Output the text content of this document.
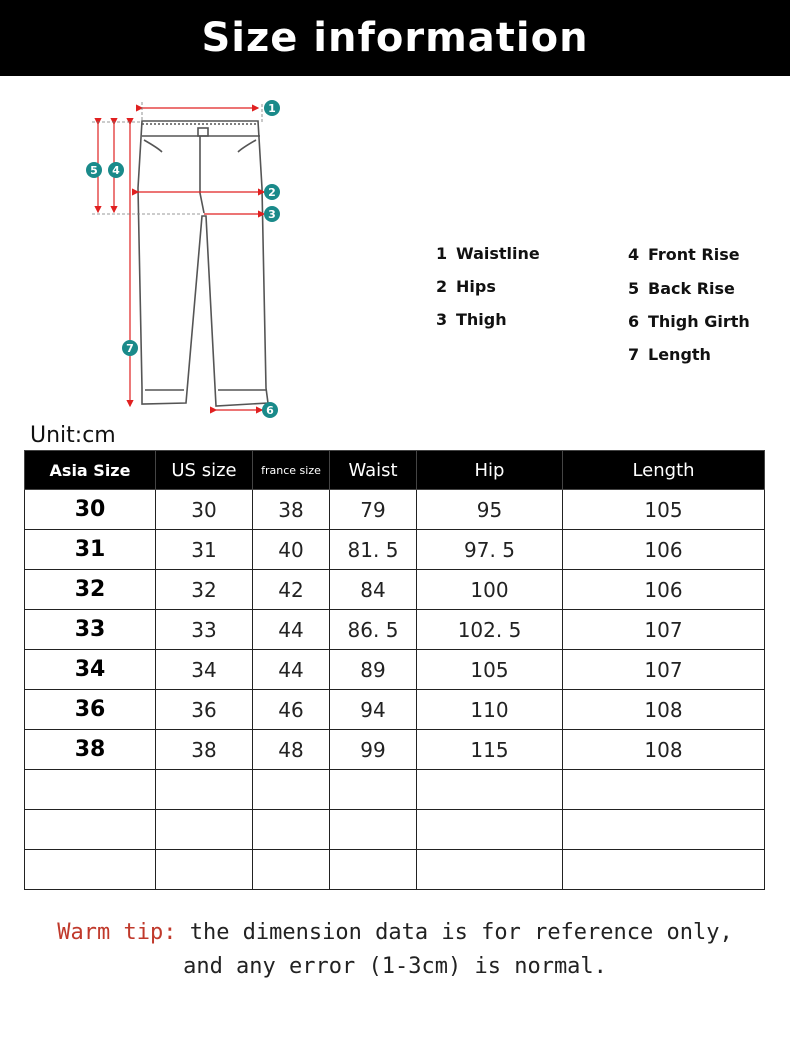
Size information
1
2
3
4
5
6
7
1 Waistline
2 Hips
3 Thigh
4 Front Rise
5 Back Rise
6 Thigh Girth
7 Length
Unit:cm
Asia Size	US size	france size	Waist	Hip	Length
30	30	38	79	95	105
31	31	40	81. 5	97. 5	106
32	32	42	84	100	106
33	33	44	86. 5	102. 5	107
34	34	44	89	105	107
36	36	46	94	110	108
38	38	48	99	115	108

Warm tip: the dimension data is for reference only,
and any error (1-3cm) is normal.
